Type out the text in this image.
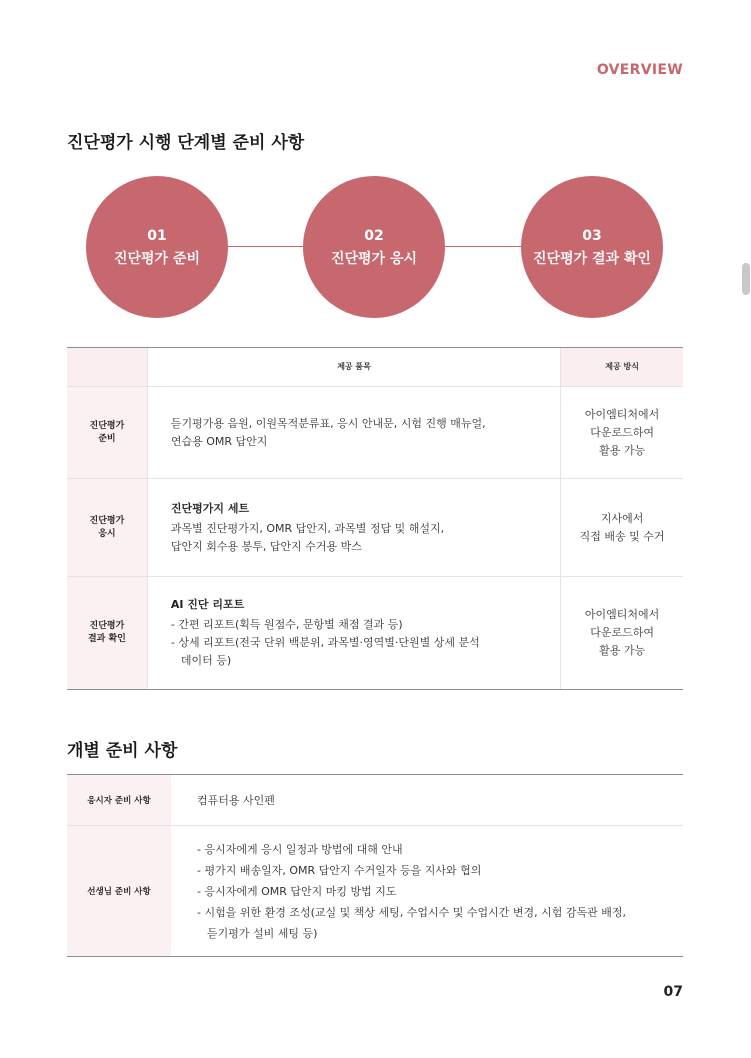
OVERVIEW
진단평가 시행 단계별 준비 사항
01
진단평가 준비
02
진단평가 응시
03
진단평가 결과 확인
제공 품목	제공 방식
진단평가
준비
듣기평가용 음원, 이원목적분류표, 응시 안내문, 시험 진행 매뉴얼,
연습용 OMR 답안지
아이엠티처에서
다운로드하여
활용 가능
진단평가
응시
진단평가지 세트
과목별 진단평가지, OMR 답안지, 과목별 정답 및 해설지,
답안지 회수용 봉투, 답안지 수거용 박스
지사에서
직접 배송 및 수거
진단평가
결과 확인
AI 진단 리포트
- 간편 리포트(획득 원점수, 문항별 채점 결과 등)
- 상세 리포트(전국 단위 백분위, 과목별·영역별·단원별 상세 분석
데이터 등)
아이엠티처에서
다운로드하여
활용 가능
개별 준비 사항
응시자 준비 사항	컴퓨터용 사인펜
선생님 준비 사항
- 응시자에게 응시 일정과 방법에 대해 안내
- 평가지 배송일자, OMR 답안지 수거일자 등을 지사와 협의
- 응시자에게 OMR 답안지 마킹 방법 지도
- 시험을 위한 환경 조성(교실 및 책상 세팅, 수업시수 및 수업시간 변경, 시험 감독관 배정,
듣기평가 설비 세팅 등)
07
